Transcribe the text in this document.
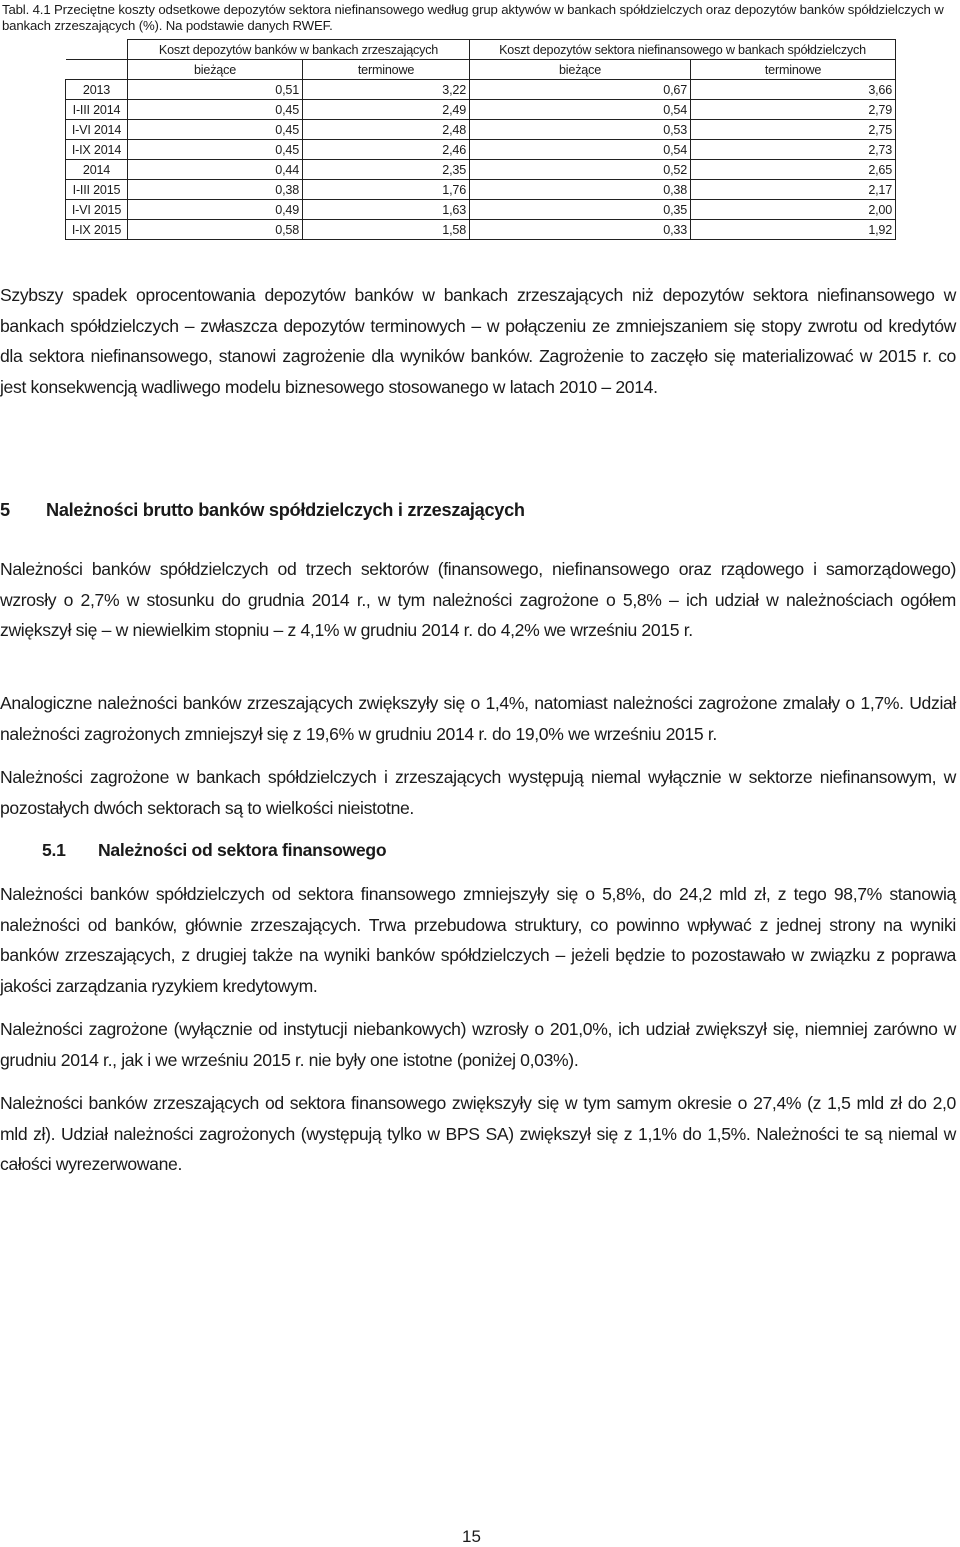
Tabl. 4.1 Przeciętne koszty odsetkowe depozytów sektora niefinansowego według grup aktywów w bankach spółdzielczych oraz depozytów banków spółdzielczych w bankach zrzeszających (%). Na podstawie danych RWEF.
	Koszt depozytów banków w bankach zrzeszających		Koszt depozytów sektora niefinansowego w bankach spółdzielczych	
	bieżące	terminowe	bieżące	terminowe
2013	0,51	3,22	0,67	3,66
I-III 2014	0,45	2,49	0,54	2,79
I-VI 2014	0,45	2,48	0,53	2,75
I-IX 2014	0,45	2,46	0,54	2,73
2014	0,44	2,35	0,52	2,65
I-III 2015	0,38	1,76	0,38	2,17
I-VI 2015	0,49	1,63	0,35	2,00
I-IX 2015	0,58	1,58	0,33	1,92

Szybszy spadek oprocentowania depozytów banków w bankach zrzeszających niż depozytów sektora niefinansowego w bankach spółdzielczych – zwłaszcza depozytów terminowych – w połączeniu ze zmniejszaniem się stopy zwrotu od kredytów dla sektora niefinansowego, stanowi zagrożenie dla wyników banków. Zagrożenie to zaczęło się materializować w 2015 r. co jest konsekwencją wadliwego modelu biznesowego stosowanego w latach 2010 – 2014.

5 Należności brutto banków spółdzielczych i zrzeszających

Należności banków spółdzielczych od trzech sektorów (finansowego, niefinansowego oraz rządowego i samorządowego) wzrosły o 2,7% w stosunku do grudnia 2014 r., w tym należności zagrożone o 5,8% – ich udział w należnościach ogółem zwiększył się – w niewielkim stopniu – z 4,1% w grudniu 2014 r. do 4,2% we wrześniu 2015 r.

Analogiczne należności banków zrzeszających zwiększyły się o 1,4%, natomiast należności zagrożone zmalały o 1,7%. Udział należności zagrożonych zmniejszył się z 19,6% w grudniu 2014 r. do 19,0% we wrześniu 2015 r.

Należności zagrożone w bankach spółdzielczych i zrzeszających występują niemal wyłącznie w sektorze niefinansowym, w pozostałych dwóch sektorach są to wielkości nieistotne.

5.1 Należności od sektora finansowego

Należności banków spółdzielczych od sektora finansowego zmniejszyły się o 5,8%, do 24,2 mld zł, z tego 98,7% stanowią należności od banków, głównie zrzeszających. Trwa przebudowa struktury, co powinno wpływać z jednej strony na wyniki banków zrzeszających, z drugiej także na wyniki banków spółdzielczych – jeżeli będzie to pozostawało w związku z poprawa jakości zarządzania ryzykiem kredytowym.

Należności zagrożone (wyłącznie od instytucji niebankowych) wzrosły o 201,0%, ich udział zwiększył się, niemniej zarówno w grudniu 2014 r., jak i we wrześniu 2015 r. nie były one istotne (poniżej 0,03%).

Należności banków zrzeszających od sektora finansowego zwiększyły się w tym samym okresie o 27,4% (z 1,5 mld zł do 2,0 mld zł). Udział należności zagrożonych (występują tylko w BPS SA) zwiększył się z 1,1% do 1,5%. Należności te są niemal w całości wyrezerwowane.

15
